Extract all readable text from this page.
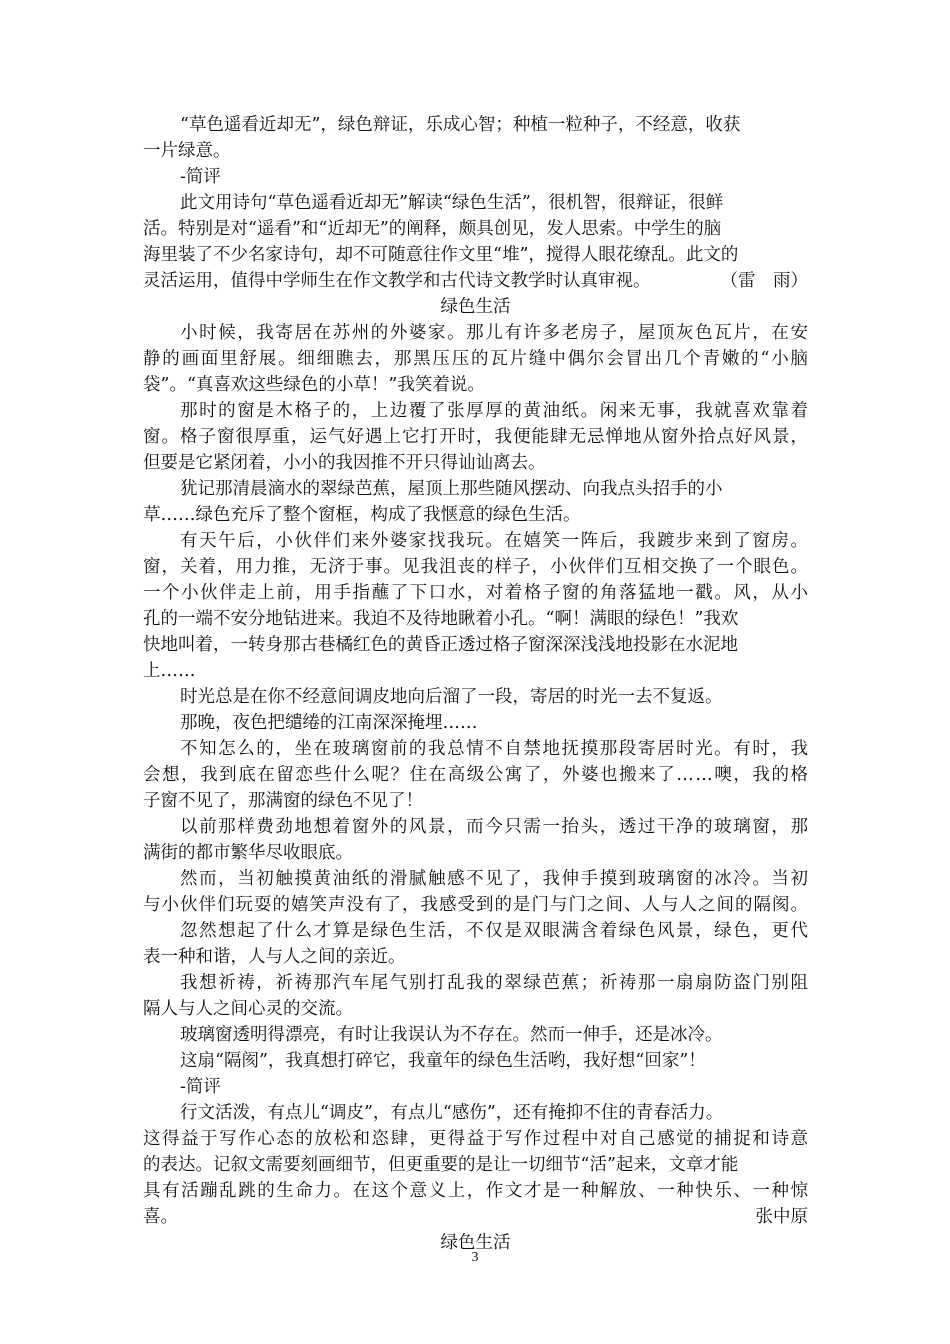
“草色遥看近却无”，绿色辩证，乐成心智；种植一粒种子，不经意，收获
一片绿意。
-简评
此文用诗句“草色遥看近却无”解读“绿色生活”，很机智，很辩证，很鲜
活。特别是对“遥看”和“近却无”的阐释，颇具创见，发人思索。中学生的脑
海里装了不少名家诗句，却不可随意往作文里“堆”，搅得人眼花缭乱。此文的
灵活运用，值得中学师生在作文教学和古代诗文教学时认真审视。	（雷　雨）
绿色生活
小时候，我寄居在苏州的外婆家。那儿有许多老房子，屋顶灰色瓦片，在安
静的画面里舒展。细细瞧去，那黑压压的瓦片缝中偶尔会冒出几个青嫩的“小脑
袋”。“真喜欢这些绿色的小草！”我笑着说。
那时的窗是木格子的，上边覆了张厚厚的黄油纸。闲来无事，我就喜欢靠着
窗。格子窗很厚重，运气好遇上它打开时，我便能肆无忌惮地从窗外拾点好风景，
但要是它紧闭着，小小的我因推不开只得讪讪离去。
犹记那清晨滴水的翠绿芭蕉，屋顶上那些随风摆动、向我点头招手的小
草……绿色充斥了整个窗框，构成了我惬意的绿色生活。
有天午后，小伙伴们来外婆家找我玩。在嬉笑一阵后，我踱步来到了窗房。
窗，关着，用力推，无济于事。见我沮丧的样子，小伙伴们互相交换了一个眼色。
一个小伙伴走上前，用手指蘸了下口水，对着格子窗的角落猛地一戳。风，从小
孔的一端不安分地钻进来。我迫不及待地瞅着小孔。“啊！满眼的绿色！”我欢
快地叫着，一转身那古巷橘红色的黄昏正透过格子窗深深浅浅地投影在水泥地
上……
时光总是在你不经意间调皮地向后溜了一段，寄居的时光一去不复返。
那晚，夜色把缱绻的江南深深掩埋……
不知怎么的，坐在玻璃窗前的我总情不自禁地抚摸那段寄居时光。有时，我
会想，我到底在留恋些什么呢？住在高级公寓了，外婆也搬来了……噢，我的格
子窗不见了，那满窗的绿色不见了！
以前那样费劲地想着窗外的风景，而今只需一抬头，透过干净的玻璃窗，那
满街的都市繁华尽收眼底。
然而，当初触摸黄油纸的滑腻触感不见了，我伸手摸到玻璃窗的冰冷。当初
与小伙伴们玩耍的嬉笑声没有了，我感受到的是门与门之间、人与人之间的隔阂。
忽然想起了什么才算是绿色生活，不仅是双眼满含着绿色风景，绿色，更代
表一种和谐，人与人之间的亲近。
我想祈祷，祈祷那汽车尾气别打乱我的翠绿芭蕉；祈祷那一扇扇防盗门别阻
隔人与人之间心灵的交流。
玻璃窗透明得漂亮，有时让我误认为不存在。然而一伸手，还是冰冷。
这扇“隔阂”，我真想打碎它，我童年的绿色生活哟，我好想“回家”！
-简评
行文活泼，有点儿“调皮”，有点儿“感伤”，还有掩抑不住的青春活力。
这得益于写作心态的放松和恣肆，更得益于写作过程中对自己感觉的捕捉和诗意
的表达。记叙文需要刻画细节，但更重要的是让一切细节“活”起来，文章才能
具有活蹦乱跳的生命力。在这个意义上，作文才是一种解放、一种快乐、一种惊
喜。	张中原
绿色生活
3
